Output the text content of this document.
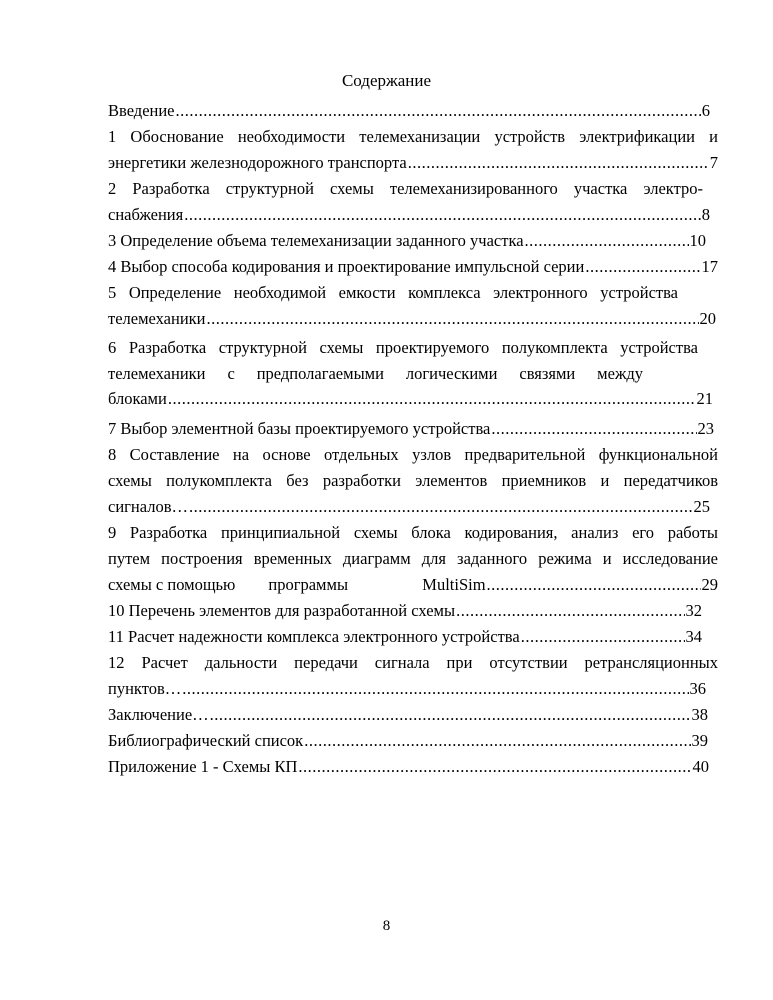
Содержание
Введение .....	6
1 Обоснование необходимости телемеханизации устройств электрификации и
энергетики железнодорожного транспорта .....	7
2 Разработка структурной схемы телемеханизированного участка электро-
снабжения .....	8
3 Определение объема телемеханизации заданного участка .....	10
4 Выбор способа кодирования и проектирование импульсной серии .....	17
5 Определение необходимой емкости комплекса электронного устройства
телемеханики .....	20
6 Разработка структурной схемы проектируемого полукомплекта устройства
телемеханики с предполагаемыми логическими связями между
блоками .....	21
7 Выбор элементной базы проектируемого устройства .....	23
8 Составление на основе отдельных узлов предварительной функциональной
схемы полукомплекта без разработки элементов приемников и передатчиков
сигналов… .....	25
9 Разработка принципиальной схемы блока кодирования, анализ его работы
путем построения временных диаграмм для заданного режима и исследование
схемы с помощью        программы                  MultiSim .....	29
10 Перечень элементов для разработанной схемы .....	32
11 Расчет надежности комплекса электронного устройства .....	34
12 Расчет дальности передачи сигнала при отсутствии ретрансляционных
пунктов… .....	36
Заключение… .....	38
Библиографический список .....	39
Приложение 1 - Схемы КП .....	40
8
